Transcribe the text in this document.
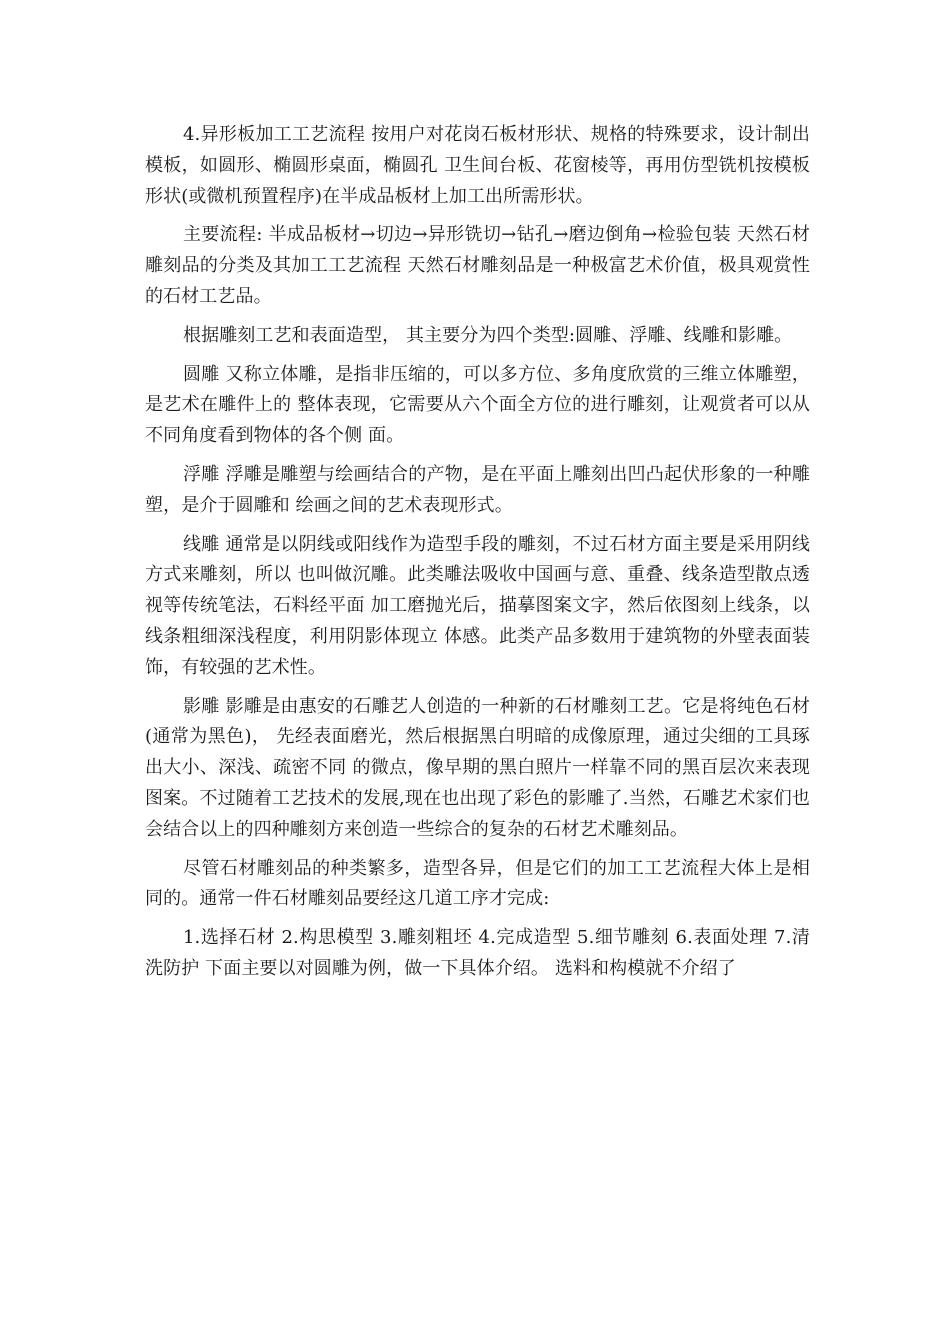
4.异形板加工工艺流程 按用户对花岗石板材形状、规格的特殊要求，设计制出模板，如圆形、椭圆形桌面，椭圆孔 卫生间台板、花窗棱等，再用仿型铣机按模板形状(或微机预置程序)在半成品板材上加工出所需形状。

主要流程: 半成品板材→切边→异形铣切→钻孔→磨边倒角→检验包装 天然石材雕刻品的分类及其加工工艺流程 天然石材雕刻品是一种极富艺术价值，极具观赏性的石材工艺品。

根据雕刻工艺和表面造型， 其主要分为四个类型:圆雕、浮雕、线雕和影雕。

圆雕 又称立体雕，是指非压缩的，可以多方位、多角度欣赏的三维立体雕塑，是艺术在雕件上的 整体表现，它需要从六个面全方位的进行雕刻，让观赏者可以从不同角度看到物体的各个侧 面。

浮雕 浮雕是雕塑与绘画结合的产物，是在平面上雕刻出凹凸起伏形象的一种雕塑，是介于圆雕和 绘画之间的艺术表现形式。

线雕 通常是以阴线或阳线作为造型手段的雕刻，不过石材方面主要是采用阴线方式来雕刻，所以 也叫做沉雕。此类雕法吸收中国画与意、重叠、线条造型散点透视等传统笔法，石料经平面 加工磨抛光后，描摹图案文字，然后依图刻上线条，以线条粗细深浅程度，利用阴影体现立 体感。此类产品多数用于建筑物的外壁表面装饰，有较强的艺术性。

影雕 影雕是由惠安的石雕艺人创造的一种新的石材雕刻工艺。它是将纯色石材(通常为黑色)， 先经表面磨光，然后根据黑白明暗的成像原理，通过尖细的工具琢出大小、深浅、疏密不同 的微点，像早期的黑白照片一样靠不同的黑百层次来表现图案。不过随着工艺技术的发展,现在也出现了彩色的影雕了.当然，石雕艺术家们也会结合以上的四种雕刻方来创造一些综合的复杂的石材艺术雕刻品。

尽管石材雕刻品的种类繁多，造型各异，但是它们的加工工艺流程大体上是相同的。通常一件石材雕刻品要经这几道工序才完成:

1.选择石材 2.构思模型 3.雕刻粗坯 4.完成造型 5.细节雕刻 6.表面处理 7.清洗防护 下面主要以对圆雕为例，做一下具体介绍。 选料和构模就不介绍了
